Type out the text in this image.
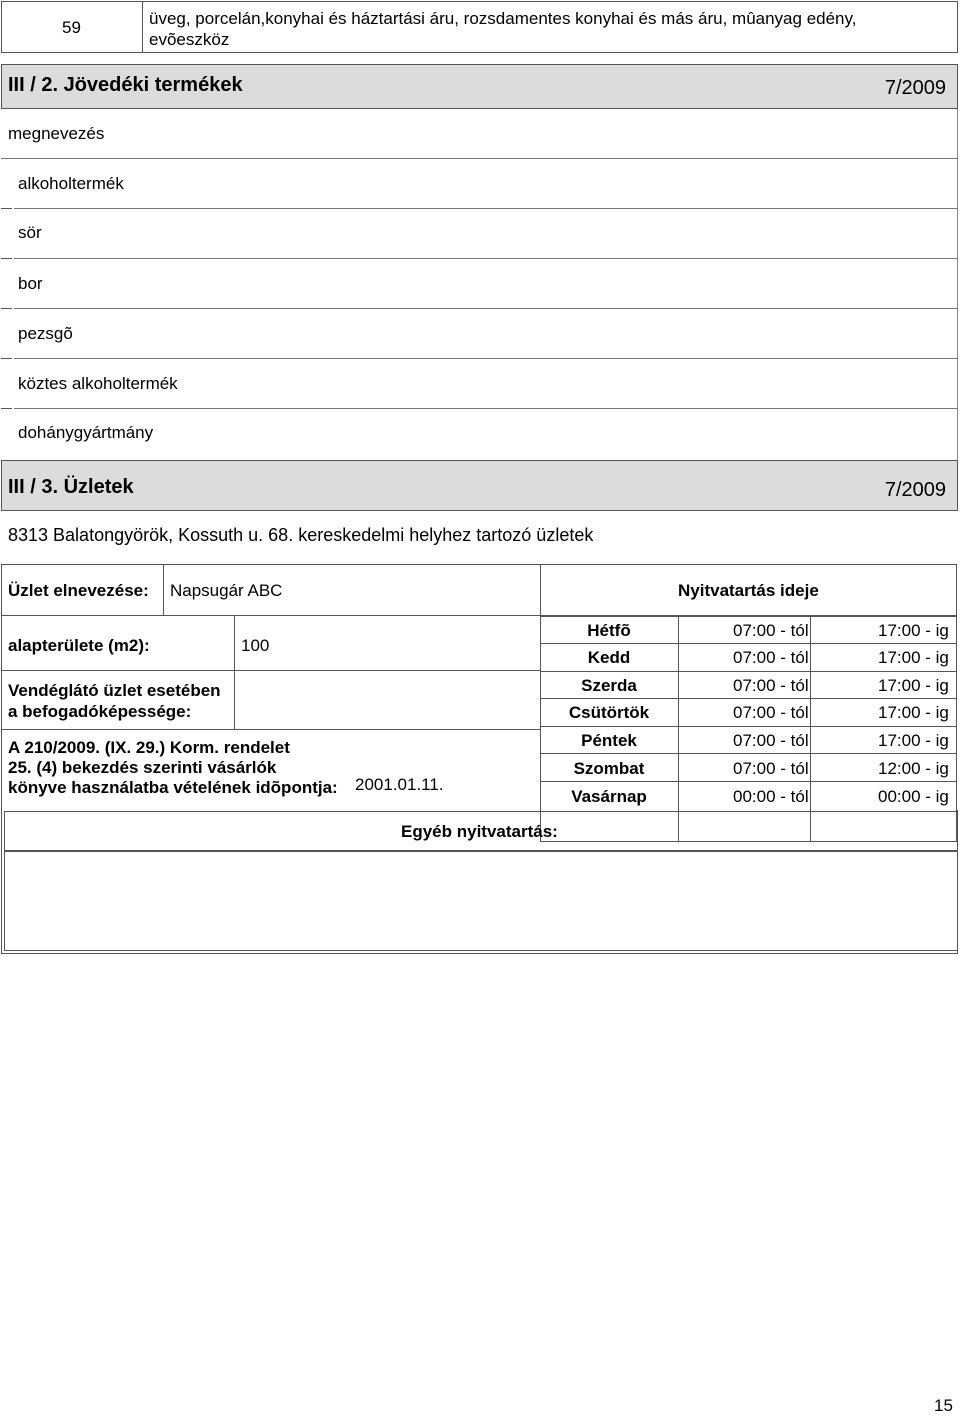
59	üveg, porcelán,konyhai és háztartási áru, rozsdamentes konyhai és más áru, mûanyag edény, evõeszköz
III / 2. Jövedéki termékek	7/2009
megnevezés
alkoholtermék
sör
bor
pezsgõ
köztes alkoholtermék
dohánygyártmány
III / 3. Üzletek	7/2009
8313 Balatongyörök, Kossuth u. 68. kereskedelmi helyhez tartozó üzletek
Üzlet elnevezése: Napsugár ABC	Nyitvatartás ideje
alapterülete (m2):	100
Vendéglátó üzlet esetében a befogadóképessége:
A 210/2009. (IX. 29.) Korm. rendelet
25. (4) bekezdés szerinti vásárlók
könyve használatba vételének idõpontja: 2001.01.11.
Hétfõ	07:00 - tól	17:00 - ig
Kedd	07:00 - tól	17:00 - ig
Szerda	07:00 - tól	17:00 - ig
Csütörtök	07:00 - tól	17:00 - ig
Péntek	07:00 - tól	17:00 - ig
Szombat	07:00 - tól	12:00 - ig
Vasárnap	00:00 - tól	00:00 - ig
Egyéb nyitvatartás:
15
